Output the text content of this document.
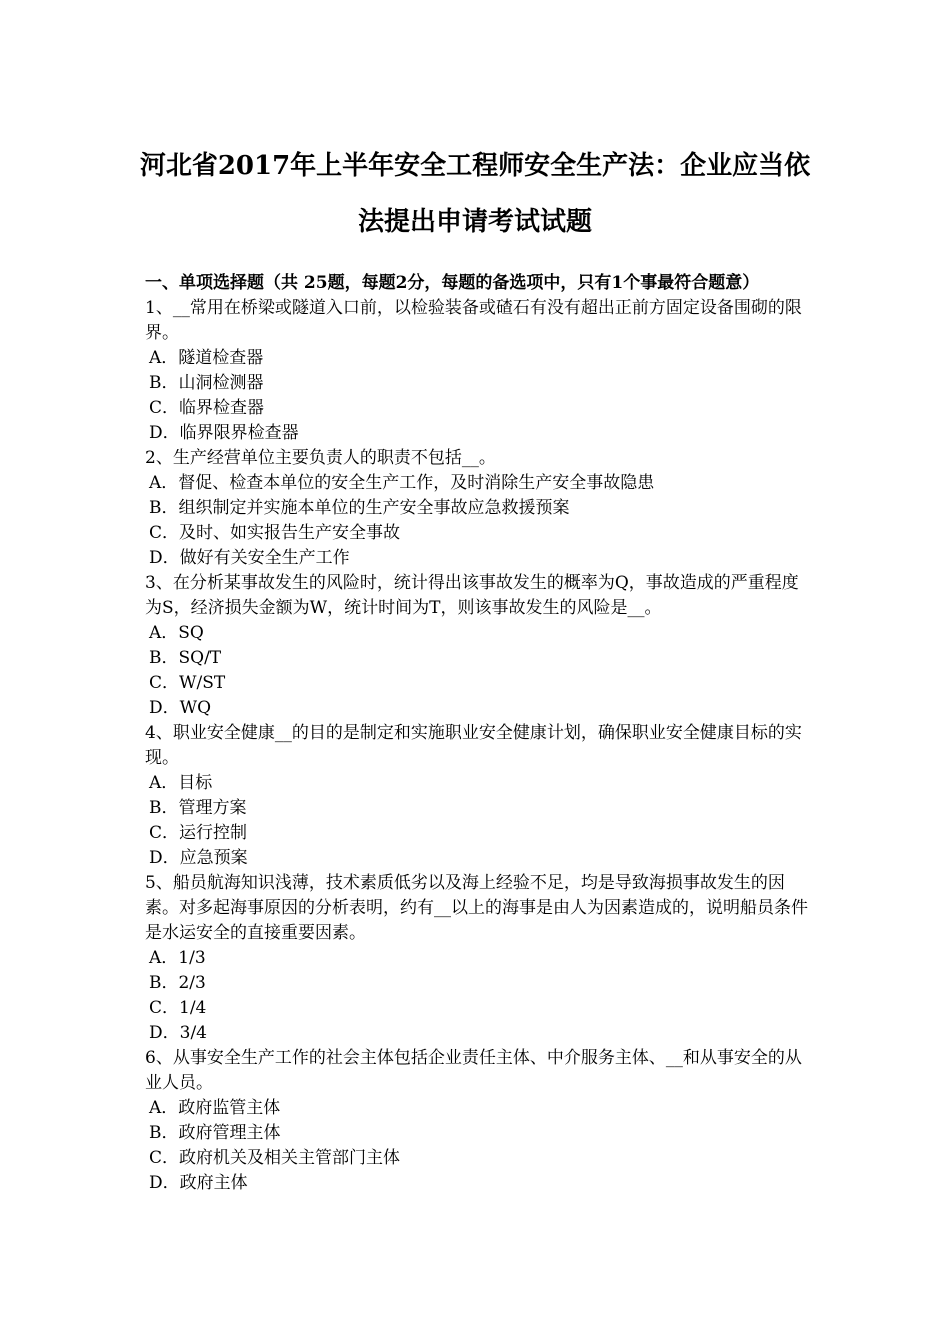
河北省2017年上半年安全工程师安全生产法：企业应当依
法提出申请考试试题
一、单项选择题（共 25题，每题2分，每题的备选项中，只有1个事最符合题意）
1、__常用在桥梁或隧道入口前，以检验装备或碴石有没有超出正前方固定设备围砌的限界。
A．隧道检查器
B．山洞检测器
C．临界检查器
D．临界限界检查器
2、生产经营单位主要负责人的职责不包括__。
A．督促、检查本单位的安全生产工作，及时消除生产安全事故隐患
B．组织制定并实施本单位的生产安全事故应急救援预案
C．及时、如实报告生产安全事故
D．做好有关安全生产工作
3、在分析某事故发生的风险时，统计得出该事故发生的概率为Q，事故造成的严重程度为S，经济损失金额为W，统计时间为T，则该事故发生的风险是__。
A．SQ
B．SQ/T
C．W/ST
D．WQ
4、职业安全健康__的目的是制定和实施职业安全健康计划，确保职业安全健康目标的实现。
A．目标
B．管理方案
C．运行控制
D．应急预案
5、船员航海知识浅薄，技术素质低劣以及海上经验不足，均是导致海损事故发生的因素。对多起海事原因的分析表明，约有__以上的海事是由人为因素造成的，说明船员条件是水运安全的直接重要因素。
A．1/3
B．2/3
C．1/4
D．3/4
6、从事安全生产工作的社会主体包括企业责任主体、中介服务主体、__和从事安全的从业人员。
A．政府监管主体
B．政府管理主体
C．政府机关及相关主管部门主体
D．政府主体
